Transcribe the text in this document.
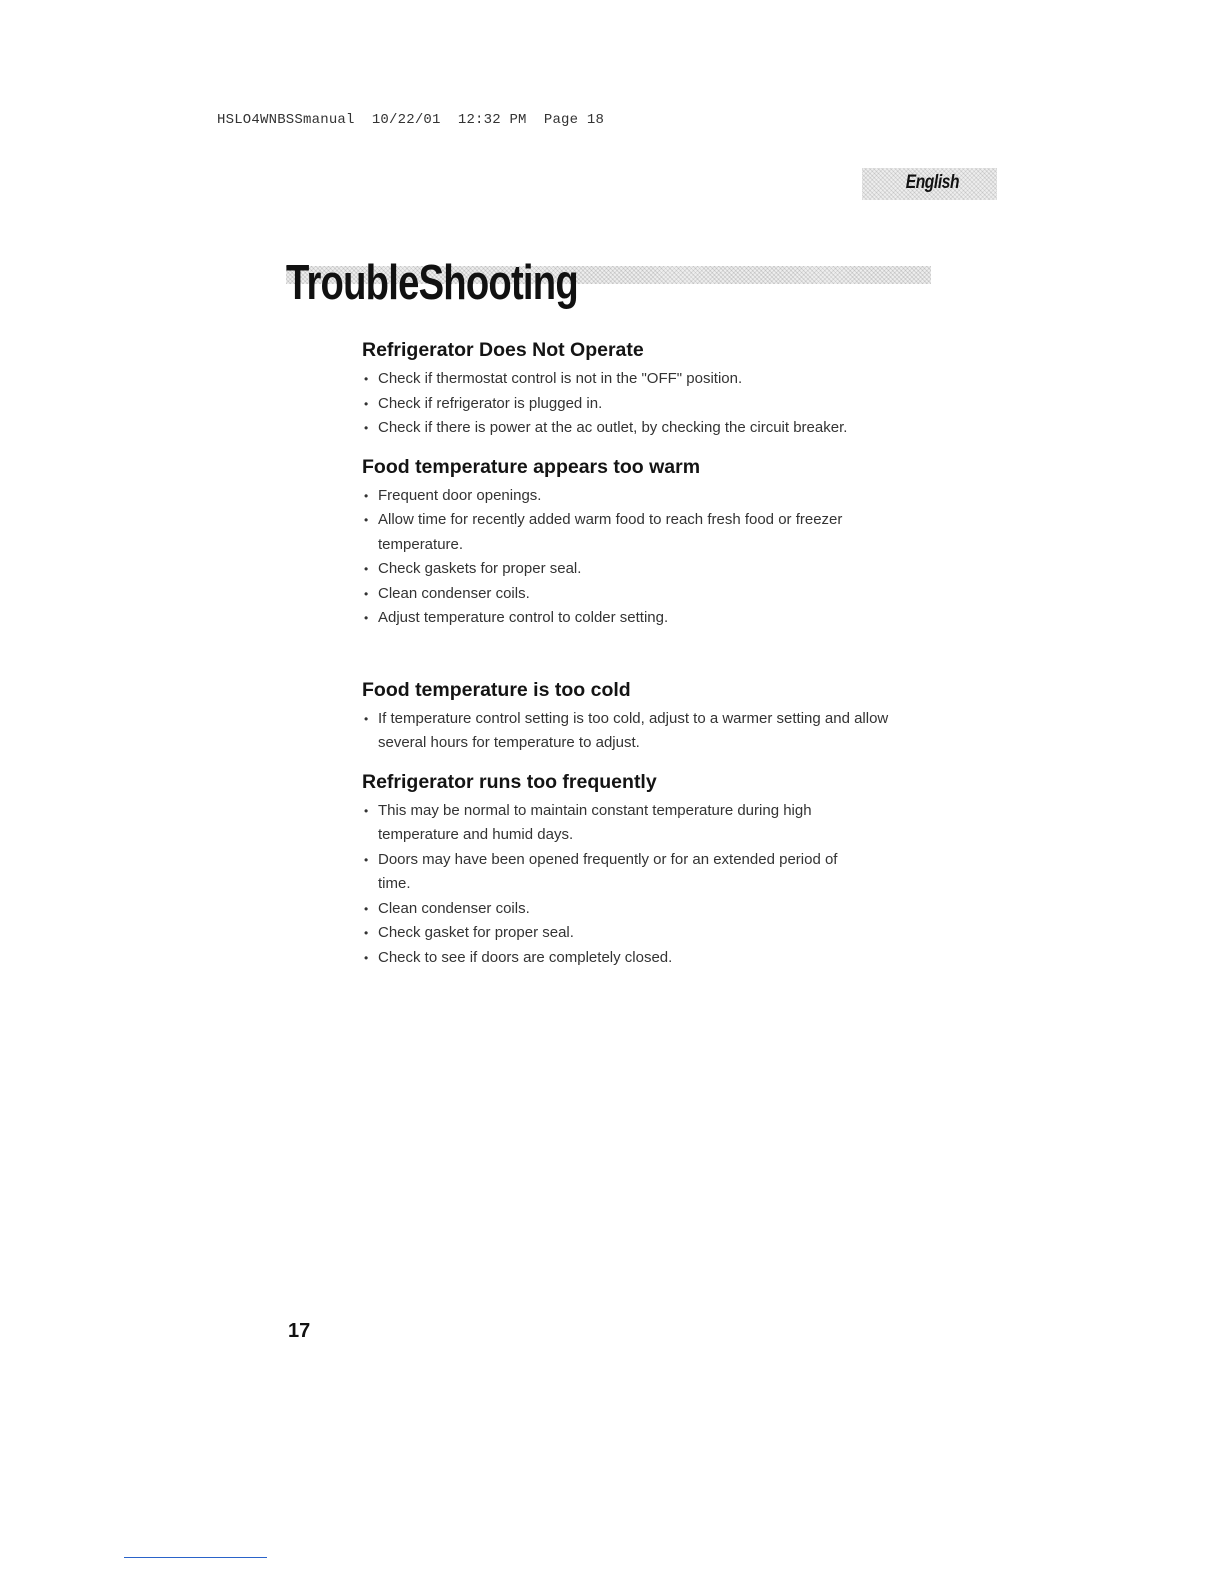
HSLO4WNBSSmanual  10/22/01  12:32 PM  Page 18
English
TroubleShooting
Refrigerator Does Not Operate
• Check if thermostat control is not in the "OFF" position.
• Check if refrigerator is plugged in.
• Check if there is power at the ac outlet, by checking the circuit breaker.
Food temperature appears too warm
• Frequent door openings.
• Allow time for recently added warm food to reach fresh food or freezer temperature.
• Check gaskets for proper seal.
• Clean condenser coils.
• Adjust temperature control to colder setting.
Food temperature is too cold
• If temperature control setting is too cold, adjust to a warmer setting and allow several hours for temperature to adjust.
Refrigerator runs too frequently
• This may be normal to maintain constant temperature during high temperature and humid days.
• Doors may have been opened frequently or for an extended period of time.
• Clean condenser coils.
• Check gasket for proper seal.
• Check to see if doors are completely closed.
17
